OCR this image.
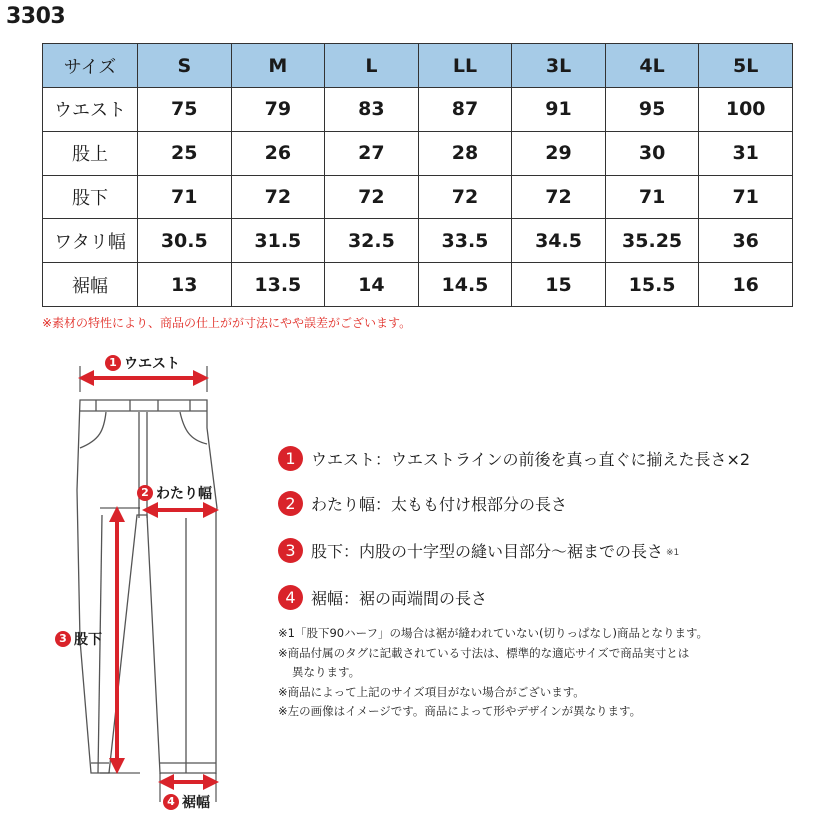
3303
サイズ	S	M	L	LL	3L	4L	5L
ウエスト	75	79	83	87	91	95	100
股上	25	26	27	28	29	30	31
股下	71	72	72	72	72	71	71
ワタリ幅	30.5	31.5	32.5	33.5	34.5	35.25	36
裾幅	13	13.5	14	14.5	15	15.5	16
※素材の特性により、商品の仕上がが寸法にやや誤差がございます。
1 ウエスト
2 わたり幅
3 股下
4 裾幅
1 ウエスト：ウエストラインの前後を真っ直ぐに揃えた長さ×2
2 わたり幅：太もも付け根部分の長さ
3 股下：内股の十字型の縫い目部分～裾までの長さ ※1
4 裾幅：裾の両端間の長さ
※1「股下90ハーフ」の場合は裾が縫われていない(切りっぱなし)商品となります。
※商品付属のタグに記載されている寸法は、標準的な適応サイズで商品実寸とは
異なります。
※商品によって上記のサイズ項目がない場合がございます。
※左の画像はイメージです。商品によって形やデザインが異なります。
